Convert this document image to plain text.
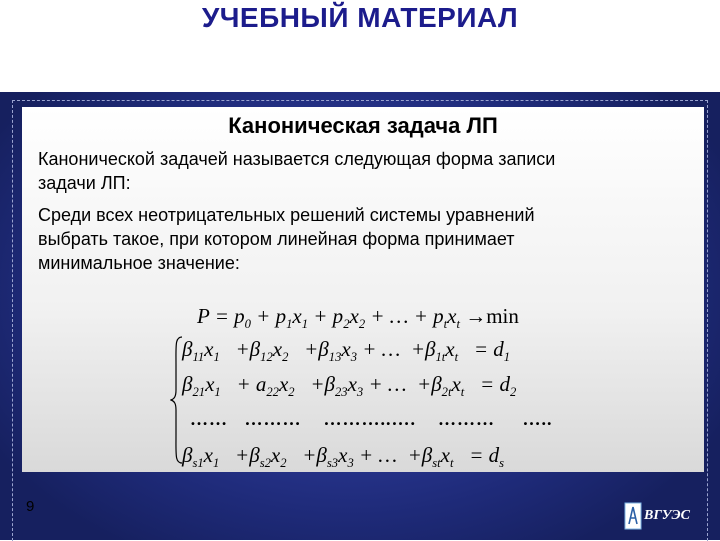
УЧЕБНЫЙ МАТЕРИАЛ
Каноническая задача ЛП
Канонической задачей называется следующая форма записи
задачи ЛП:
Среди всех неотрицательных решений системы уравнений
выбрать такое, при котором линейная форма принимает
минимальное значение:
$P = p_0 + p_1x_1 + p_2x_2$ + … + $p_tx_t \to\min$
$\beta_{11}x_1 +\beta_{12}x_2 +\beta_{13}x_3$ + …  $+\beta_{1t}x_t = d_1$
$\beta_{21}x_1 + a_{22}x_2 +\beta_{23}x_3$ + …  $+\beta_{2t}x_t = d_2$
……   ………    ………..….    ………     …..
$\beta_{s1}x_1 +\beta_{s2}x_2 +\beta_{s3}x_3$ + …  $+\beta_{st}x_t = d_s$
9
ВГУЭС
